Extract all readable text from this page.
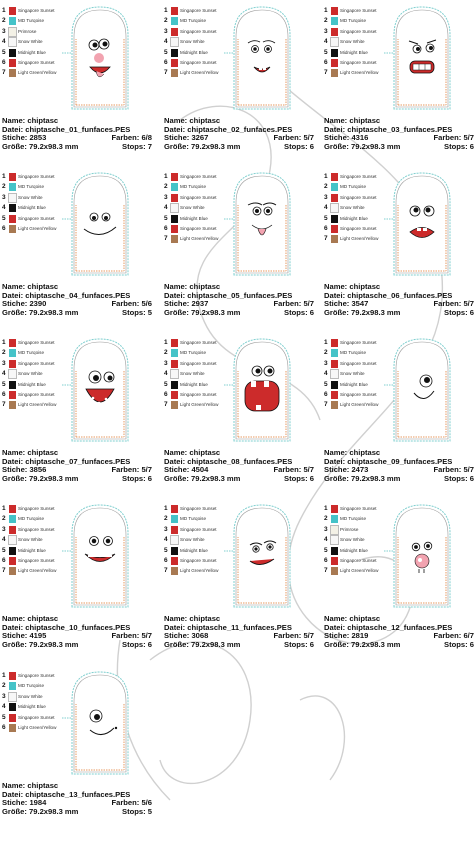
1	Singapore Sunset
2	MD Turqoise
3	Primrose
4	Snow White
5	Midnight Blue
6	Singapore Sunset
7	Light Green/Yellow
Name: chiptasc
Datei: chiptasche_01_funfaces.PES
Stiche: 2853	Farben: 6/8
Größe: 79.2x98.3 mm	Stops: 7
1	Singapore Sunset
2	MD Turqoise
3	Singapore Sunset
4	Snow White
5	Midnight Blue
6	Singapore Sunset
7	Light Green/Yellow
Name: chiptasc
Datei: chiptasche_02_funfaces.PES
Stiche: 3267	Farben: 5/7
Größe: 79.2x98.3 mm	Stops: 6
1	Singapore Sunset
2	MD Turqoise
3	Singapore Sunset
4	Snow White
5	Midnight Blue
6	Singapore Sunset
7	Light Green/Yellow
Name: chiptasc
Datei: chiptasche_03_funfaces.PES
Stiche: 4316	Farben: 5/7
Größe: 79.2x98.3 mm	Stops: 6
1	Singapore Sunset
2	MD Turqoise
3	Snow White
4	Midnight Blue
5	Singapore Sunset
6	Light Green/Yellow
Name: chiptasc
Datei: chiptasche_04_funfaces.PES
Stiche: 2390	Farben: 5/6
Größe: 79.2x98.3 mm	Stops: 5
1	Singapore Sunset
2	MD Turqoise
3	Singapore Sunset
4	Snow White
5	Midnight Blue
6	Singapore Sunset
7	Light Green/Yellow
Name: chiptasc
Datei: chiptasche_05_funfaces.PES
Stiche: 2937	Farben: 5/7
Größe: 79.2x98.3 mm	Stops: 6
1	Singapore Sunset
2	MD Turqoise
3	Singapore Sunset
4	Snow White
5	Midnight Blue
6	Singapore Sunset
7	Light Green/Yellow
Name: chiptasc
Datei: chiptasche_06_funfaces.PES
Stiche: 3547	Farben: 5/7
Größe: 79.2x98.3 mm	Stops: 6
1	Singapore Sunset
2	MD Turqoise
3	Singapore Sunset
4	Snow White
5	Midnight Blue
6	Singapore Sunset
7	Light Green/Yellow
Name: chiptasc
Datei: chiptasche_07_funfaces.PES
Stiche: 3856	Farben: 5/7
Größe: 79.2x98.3 mm	Stops: 6
1	Singapore Sunset
2	MD Turqoise
3	Singapore Sunset
4	Snow White
5	Midnight Blue
6	Singapore Sunset
7	Light Green/Yellow
Name: chiptasc
Datei: chiptasche_08_funfaces.PES
Stiche: 4504	Farben: 5/7
Größe: 79.2x98.3 mm	Stops: 6
1	Singapore Sunset
2	MD Turqoise
3	Singapore Sunset
4	Snow White
5	Midnight Blue
6	Singapore Sunset
7	Light Green/Yellow
Name: chiptasc
Datei: chiptasche_09_funfaces.PES
Stiche: 2473	Farben: 5/7
Größe: 79.2x98.3 mm	Stops: 6
1	Singapore Sunset
2	MD Turqoise
3	Singapore Sunset
4	Snow White
5	Midnight Blue
6	Singapore Sunset
7	Light Green/Yellow
Name: chiptasc
Datei: chiptasche_10_funfaces.PES
Stiche: 4195	Farben: 5/7
Größe: 79.2x98.3 mm	Stops: 6
1	Singapore Sunset
2	MD Turqoise
3	Singapore Sunset
4	Snow White
5	Midnight Blue
6	Singapore Sunset
7	Light Green/Yellow
Name: chiptasc
Datei: chiptasche_11_funfaces.PES
Stiche: 3068	Farben: 5/7
Größe: 79.2x98.3 mm	Stops: 6
1	Singapore Sunset
2	MD Turqoise
3	Primrose
4	Snow White
5	Midnight Blue
6	Singapore Sunset
7	Light Green/Yellow
Name: chiptasc
Datei: chiptasche_12_funfaces.PES
Stiche: 2819	Farben: 6/7
Größe: 79.2x98.3 mm	Stops: 6
1	Singapore Sunset
2	MD Turqoise
3	Snow White
4	Midnight Blue
5	Singapore Sunset
6	Light Green/Yellow
Name: chiptasc
Datei: chiptasche_13_funfaces.PES
Stiche: 1984	Farben: 5/6
Größe: 79.2x98.3 mm	Stops: 5
